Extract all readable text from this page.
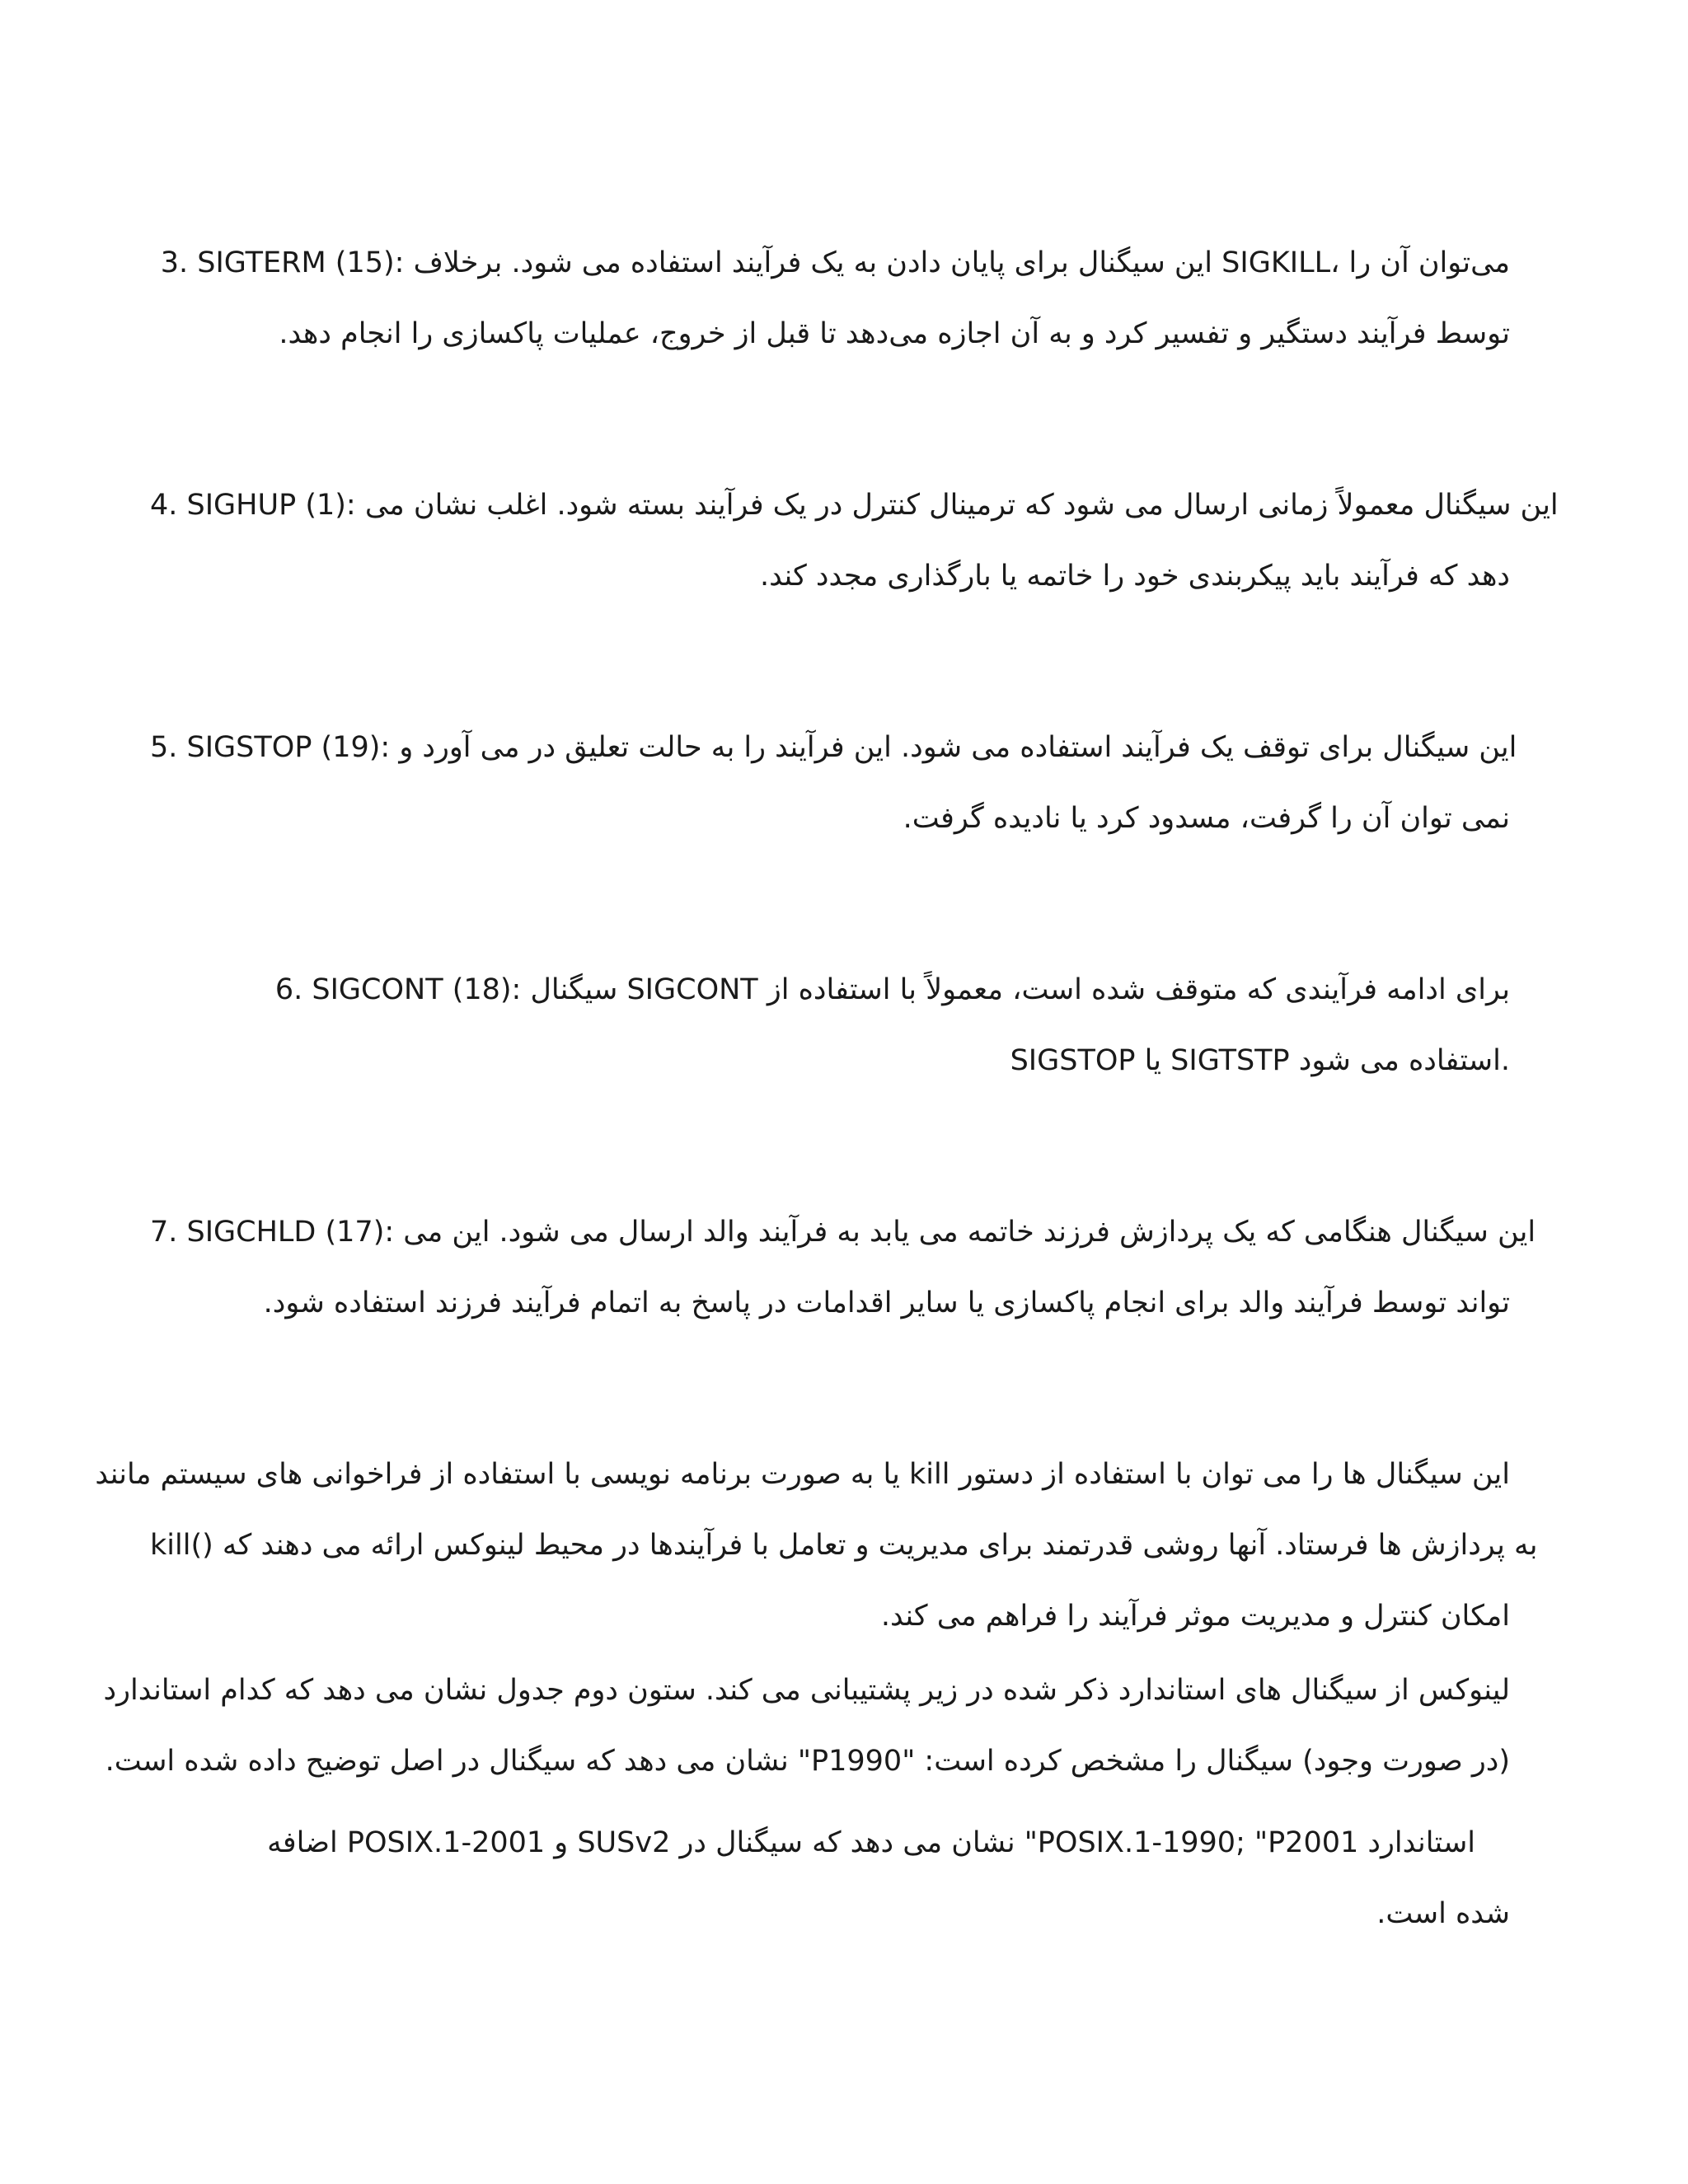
3. SIGTERM (15): این سیگنال برای پایان دادن به یک فرآیند استفاده می شود. برخلاف SIGKILL، می‌توان آن را
توسط فرآیند دستگیر و تفسیر کرد و به آن اجازه می‌دهد تا قبل از خروج، عملیات پاکسازی را انجام دهد.

4. SIGHUP (1): این سیگنال معمولاً زمانی ارسال می شود که ترمینال کنترل در یک فرآیند بسته شود. اغلب نشان می
دهد که فرآیند باید پیکربندی خود را خاتمه یا بارگذاری مجدد کند.

5. SIGSTOP (19): این سیگنال برای توقف یک فرآیند استفاده می شود. این فرآیند را به حالت تعلیق در می آورد و
نمی توان آن را گرفت، مسدود کرد یا نادیده گرفت.

6. SIGCONT (18): سیگنال SIGCONT برای ادامه فرآیندی که متوقف شده است، معمولاً با استفاده از
SIGSTOP یا SIGTSTP استفاده می شود.

7. SIGCHLD (17): این سیگنال هنگامی که یک پردازش فرزند خاتمه می یابد به فرآیند والد ارسال می شود. این می
تواند توسط فرآیند والد برای انجام پاکسازی یا سایر اقدامات در پاسخ به اتمام فرآیند فرزند استفاده شود.

این سیگنال ها را می توان با استفاده از دستور kill یا به صورت برنامه نویسی با استفاده از فراخوانی های سیستم مانند
kill() به پردازش ها فرستاد. آنها روشی قدرتمند برای مدیریت و تعامل با فرآیندها در محیط لینوکس ارائه می دهند که
امکان کنترل و مدیریت موثر فرآیند را فراهم می کند.

لینوکس از سیگنال های استاندارد ذکر شده در زیر پشتیبانی می کند. ستون دوم جدول نشان می دهد که کدام استاندارد
(در صورت وجود) سیگنال را مشخص کرده است: "P1990" نشان می دهد که سیگنال در اصل توضیح داده شده است.

استاندارد POSIX.1-1990; "P2001" نشان می دهد که سیگنال در SUSv2 و POSIX.1-2001 اضافه
شده است.
